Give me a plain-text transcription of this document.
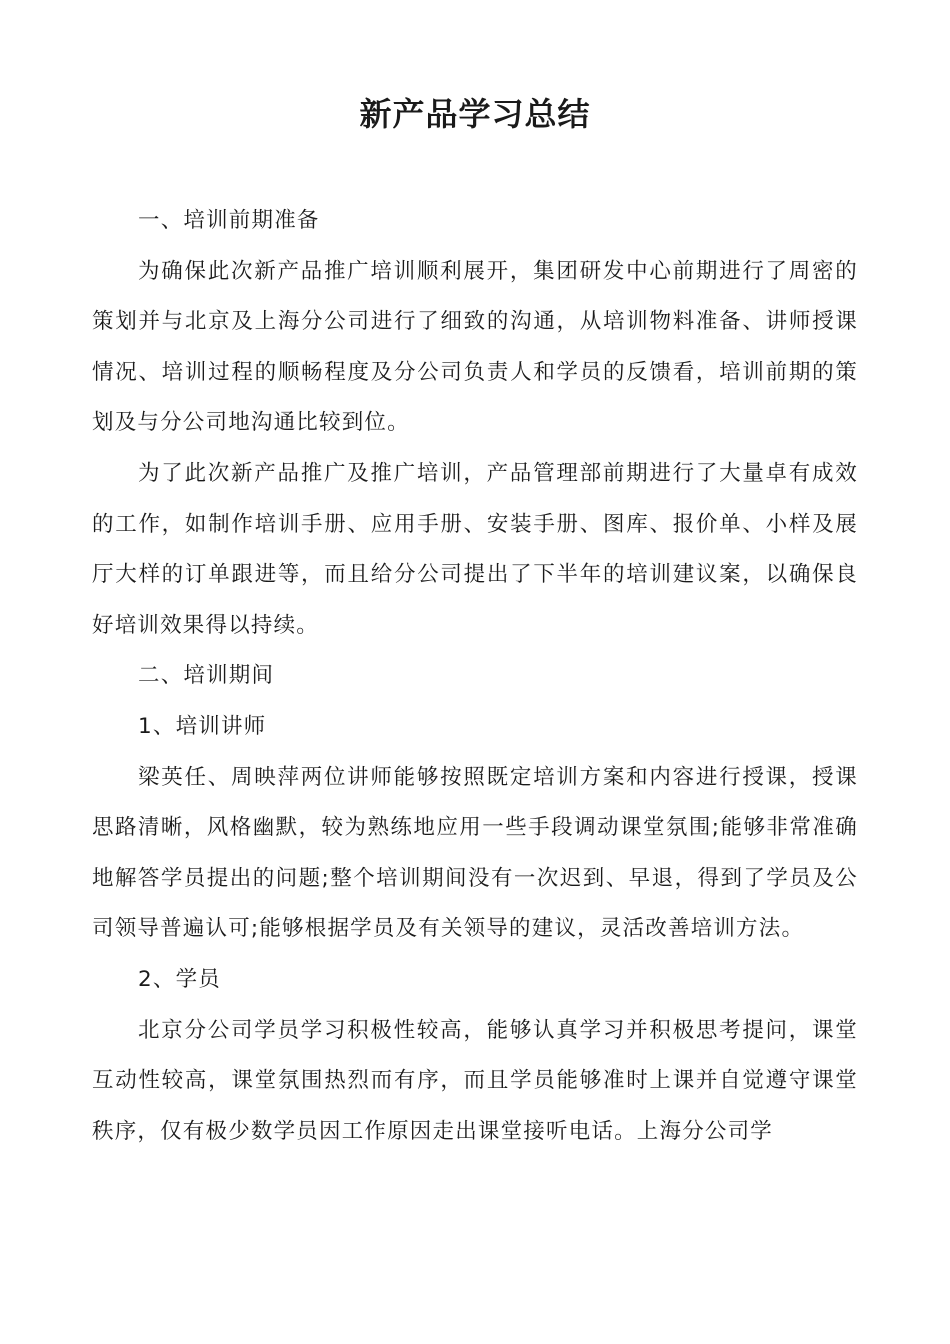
新产品学习总结

一、培训前期准备

为确保此次新产品推广培训顺利展开，集团研发中心前期进行了周密的策划并与北京及上海分公司进行了细致的沟通，从培训物料准备、讲师授课情况、培训过程的顺畅程度及分公司负责人和学员的反馈看，培训前期的策划及与分公司地沟通比较到位。

为了此次新产品推广及推广培训，产品管理部前期进行了大量卓有成效的工作，如制作培训手册、应用手册、安装手册、图库、报价单、小样及展厅大样的订单跟进等，而且给分公司提出了下半年的培训建议案，以确保良好培训效果得以持续。

二、培训期间

1、培训讲师

梁英任、周映萍两位讲师能够按照既定培训方案和内容进行授课，授课思路清晰，风格幽默，较为熟练地应用一些手段调动课堂氛围;能够非常准确地解答学员提出的问题;整个培训期间没有一次迟到、早退，得到了学员及公司领导普遍认可;能够根据学员及有关领导的建议，灵活改善培训方法。

2、学员

北京分公司学员学习积极性较高，能够认真学习并积极思考提问，课堂互动性较高，课堂氛围热烈而有序，而且学员能够准时上课并自觉遵守课堂秩序，仅有极少数学员因工作原因走出课堂接听电话。上海分公司学
